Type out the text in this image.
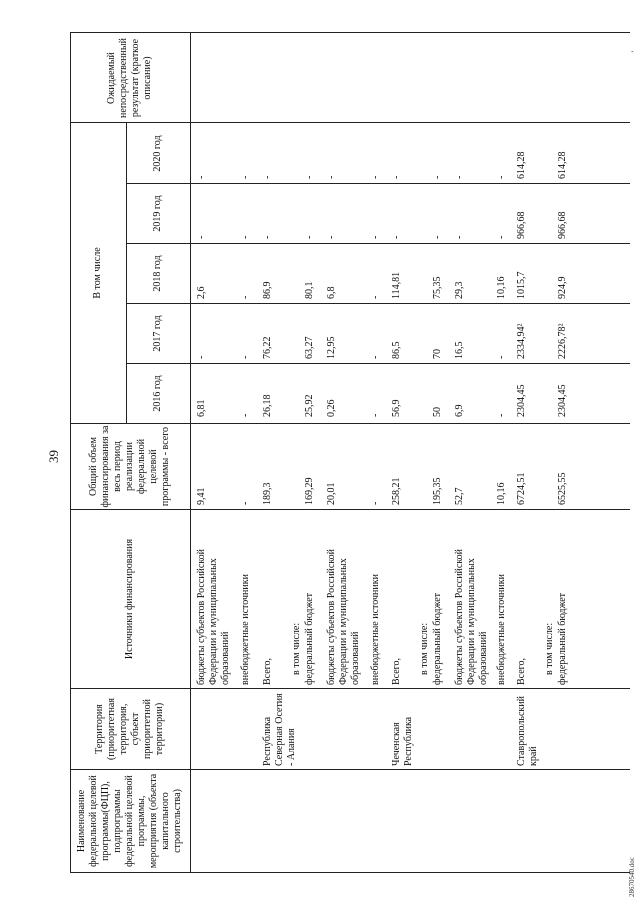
39
Наименование федеральной целевой программы(ФЦП), подпрограммы федеральной целевой программы, мероприятия (объекта капитального строительства)
Территория (приоритетная территория, субъект приоритетной территории)
Источники финансирования
Общий объем финансирования за весь период реализации федеральной целевой программы - всего
В том числе
2016 год
2017 год
2018 год
2019 год
2020 год
Ожидаемый непосредственный результат (краткое описание)
бюджеты субъектов Российской Федерации и муниципальных образований
9,41
6,81
-
2,6
-
-
внебюджетные источники
-
-
-
-
-
-
Республика Северная Осетия - Алания
Всего,
189,3
26,18
76,22
86,9
-
-
в том числе: федеральный бюджет
169,29
25,92
63,27
80,1
-
-
бюджеты субъектов Российской Федерации и муниципальных образований
20,01
0,26
12,95
6,8
-
-
внебюджетные источники
-
-
-
-
-
-
Чеченская Республика
Всего,
258,21
56,9
86,5
114,81
-
-
в том числе: федеральный бюджет
195,35
50
70
75,35
-
-
бюджеты субъектов Российской Федерации и муниципальных образований
52,7
6,9
16,5
29,3
-
-
внебюджетные источники
10,16
-
-
10,16
-
-
Ставропольский край
Всего,
6724,51
2304,45
2334,94²
1015,7
966,68
614,28
в том числе: федеральный бюджет
6525,55
2304,45
2226,78²
924,9
966,68
614,28
28670540.doc
ʼ
